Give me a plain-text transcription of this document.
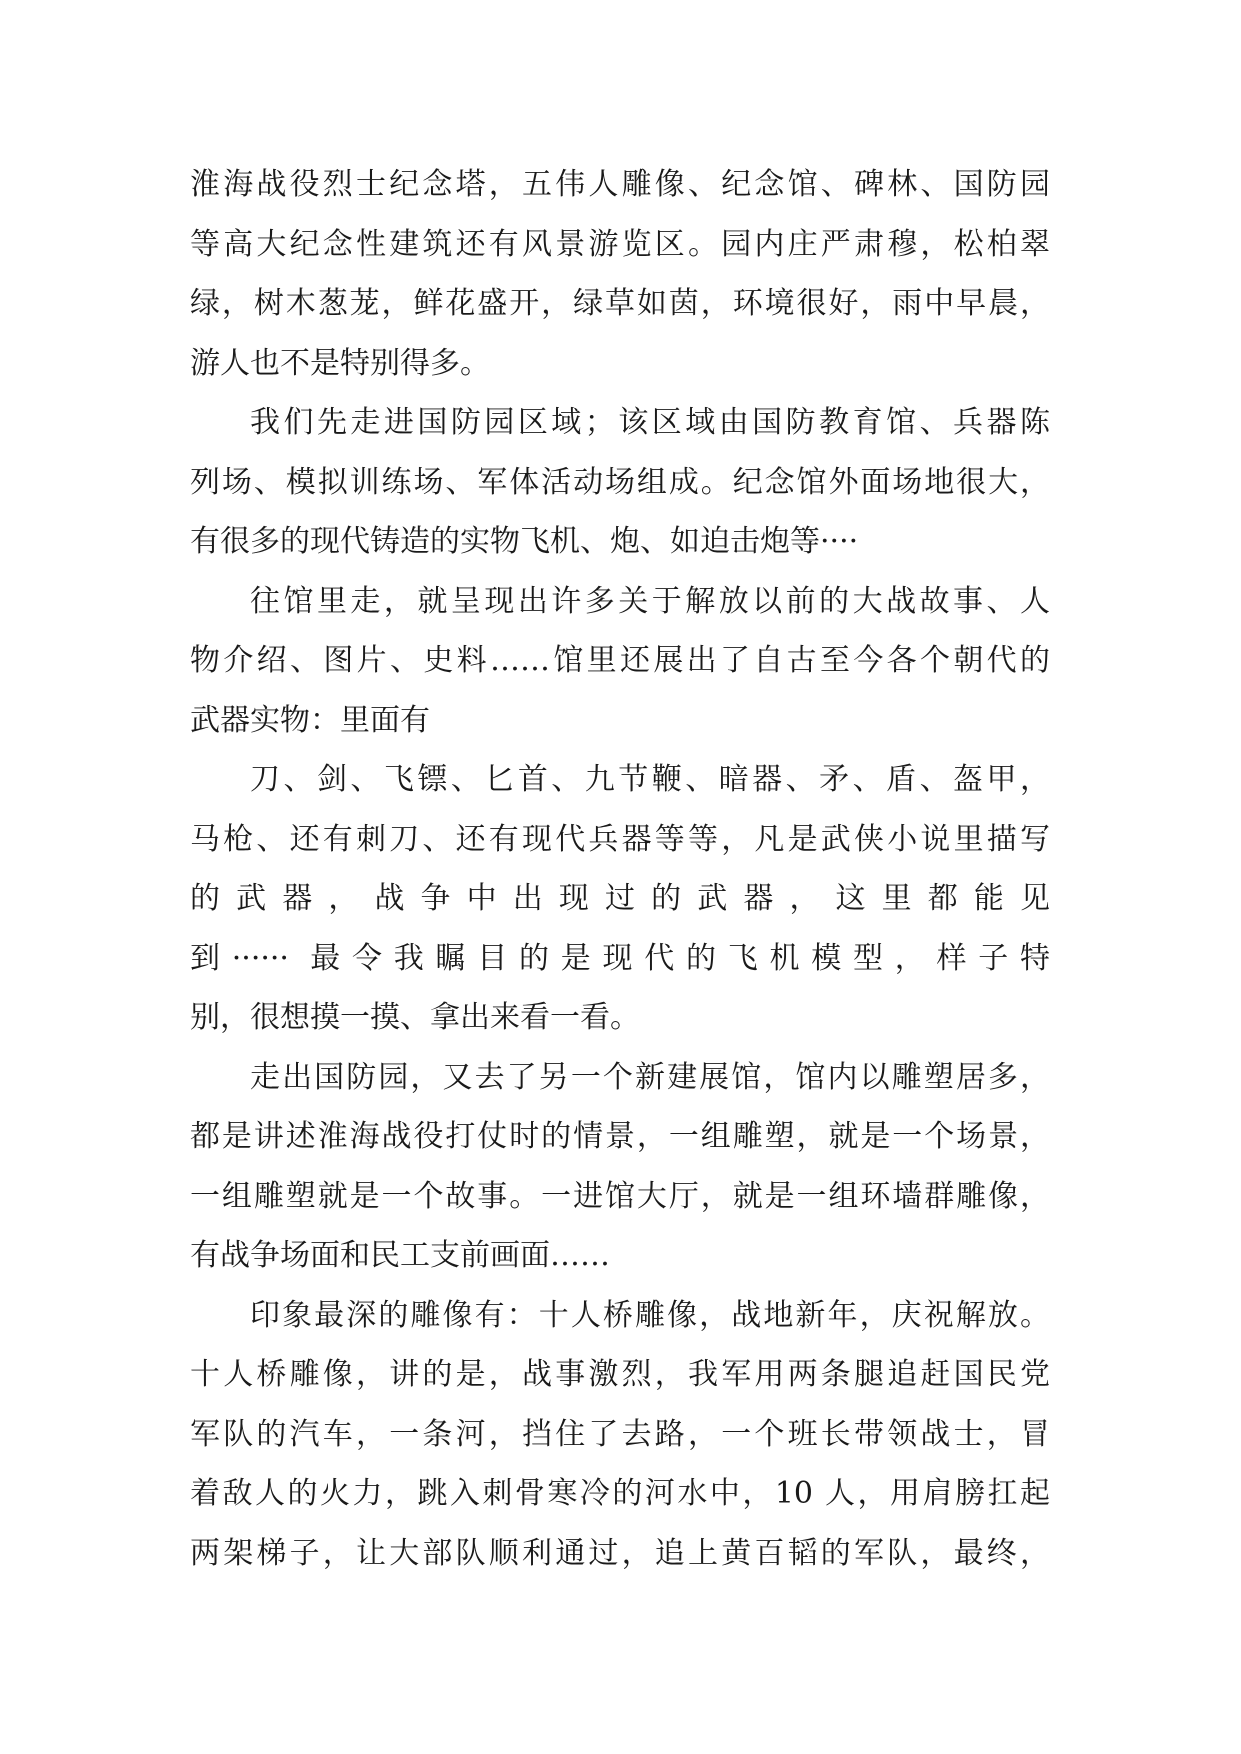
淮海战役烈士纪念塔，五伟人雕像、纪念馆、碑林、国防园
等高大纪念性建筑还有风景游览区。园内庄严肃穆，松柏翠
绿，树木葱茏，鲜花盛开，绿草如茵，环境很好，雨中早晨，
游人也不是特别得多。
我们先走进国防园区域；该区域由国防教育馆、兵器陈
列场、模拟训练场、军体活动场组成。纪念馆外面场地很大，
有很多的现代铸造的实物飞机、炮、如迫击炮等····
往馆里走，就呈现出许多关于解放以前的大战故事、人
物介绍、图片、史料……馆里还展出了自古至今各个朝代的
武器实物：里面有
刀、剑、飞镖、匕首、九节鞭、暗器、矛、盾、盔甲，
马枪、还有刺刀、还有现代兵器等等，凡是武侠小说里描写
的武器，战争中出现过的武器，这里都能见
到······ 最令我瞩目的是现代的飞机模型，样子特
别，很想摸一摸、拿出来看一看。
走出国防园，又去了另一个新建展馆，馆内以雕塑居多，
都是讲述淮海战役打仗时的情景，一组雕塑，就是一个场景，
一组雕塑就是一个故事。一进馆大厅，就是一组环墙群雕像，
有战争场面和民工支前画面……
印象最深的雕像有：十人桥雕像，战地新年，庆祝解放。
十人桥雕像，讲的是，战事激烈，我军用两条腿追赶国民党
军队的汽车，一条河，挡住了去路，一个班长带领战士，冒
着敌人的火力，跳入刺骨寒冷的河水中，10 人，用肩膀扛起
两架梯子，让大部队顺利通过，追上黄百韬的军队，最终，
